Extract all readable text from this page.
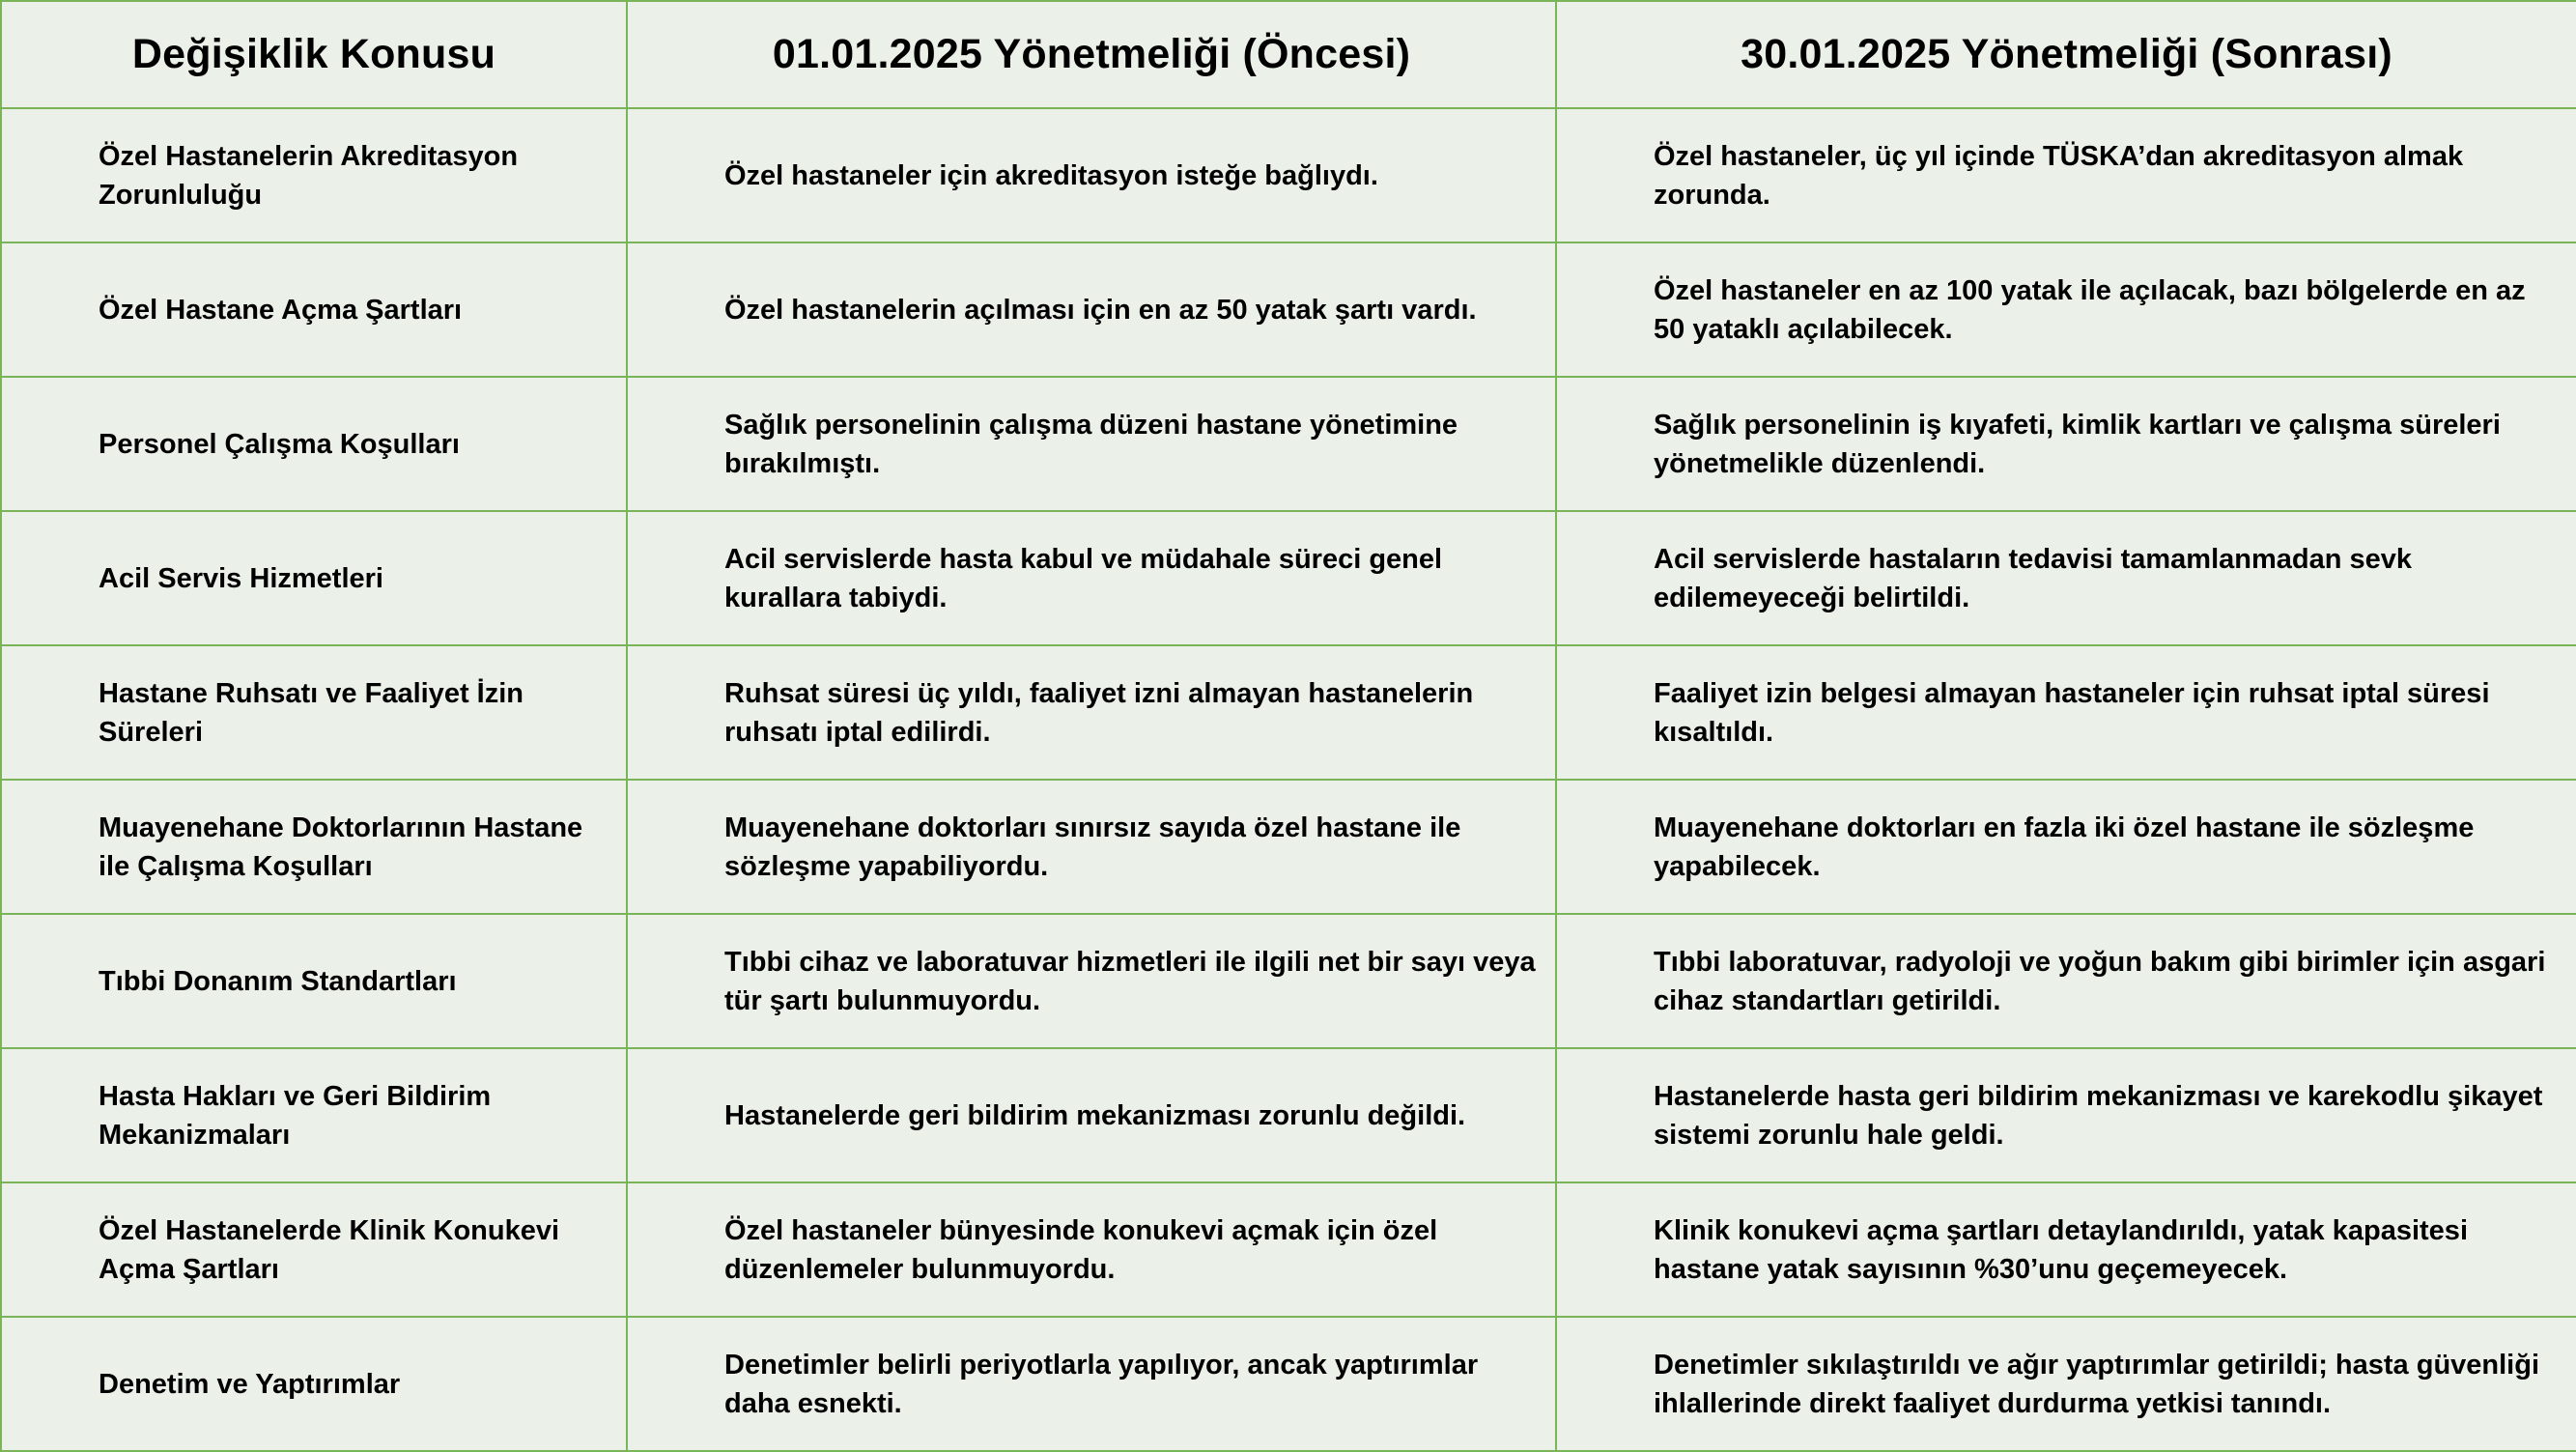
Değişiklik Konusu	01.01.2025 Yönetmeliği (Öncesi)	30.01.2025 Yönetmeliği (Sonrası)
Özel Hastanelerin Akreditasyon Zorunluluğu	Özel hastaneler için akreditasyon isteğe bağlıydı.	Özel hastaneler, üç yıl içinde TÜSKA’dan akreditasyon almak zorunda.
Özel Hastane Açma Şartları	Özel hastanelerin açılması için en az 50 yatak şartı vardı.	Özel hastaneler en az 100 yatak ile açılacak, bazı bölgelerde en az 50 yataklı açılabilecek.
Personel Çalışma Koşulları	Sağlık personelinin çalışma düzeni hastane yönetimine bırakılmıştı.	Sağlık personelinin iş kıyafeti, kimlik kartları ve çalışma süreleri yönetmelikle düzenlendi.
Acil Servis Hizmetleri	Acil servislerde hasta kabul ve müdahale süreci genel kurallara tabiydi.	Acil servislerde hastaların tedavisi tamamlanmadan sevk edilemeyeceği belirtildi.
Hastane Ruhsatı ve Faaliyet İzin Süreleri	Ruhsat süresi üç yıldı, faaliyet izni almayan hastanelerin ruhsatı iptal edilirdi.	Faaliyet izin belgesi almayan hastaneler için ruhsat iptal süresi kısaltıldı.
Muayenehane Doktorlarının Hastane ile Çalışma Koşulları	Muayenehane doktorları sınırsız sayıda özel hastane ile sözleşme yapabiliyordu.	Muayenehane doktorları en fazla iki özel hastane ile sözleşme yapabilecek.
Tıbbi Donanım Standartları	Tıbbi cihaz ve laboratuvar hizmetleri ile ilgili net bir sayı veya tür şartı bulunmuyordu.	Tıbbi laboratuvar, radyoloji ve yoğun bakım gibi birimler için asgari cihaz standartları getirildi.
Hasta Hakları ve Geri Bildirim Mekanizmaları	Hastanelerde geri bildirim mekanizması zorunlu değildi.	Hastanelerde hasta geri bildirim mekanizması ve karekodlu şikayet sistemi zorunlu hale geldi.
Özel Hastanelerde Klinik Konukevi Açma Şartları	Özel hastaneler bünyesinde konukevi açmak için özel düzenlemeler bulunmuyordu.	Klinik konukevi açma şartları detaylandırıldı, yatak kapasitesi hastane yatak sayısının %30’unu geçemeyecek.
Denetim ve Yaptırımlar	Denetimler belirli periyotlarla yapılıyor, ancak yaptırımlar daha esnekti.	Denetimler sıkılaştırıldı ve ağır yaptırımlar getirildi; hasta güvenliği ihlallerinde direkt faaliyet durdurma yetkisi tanındı.
